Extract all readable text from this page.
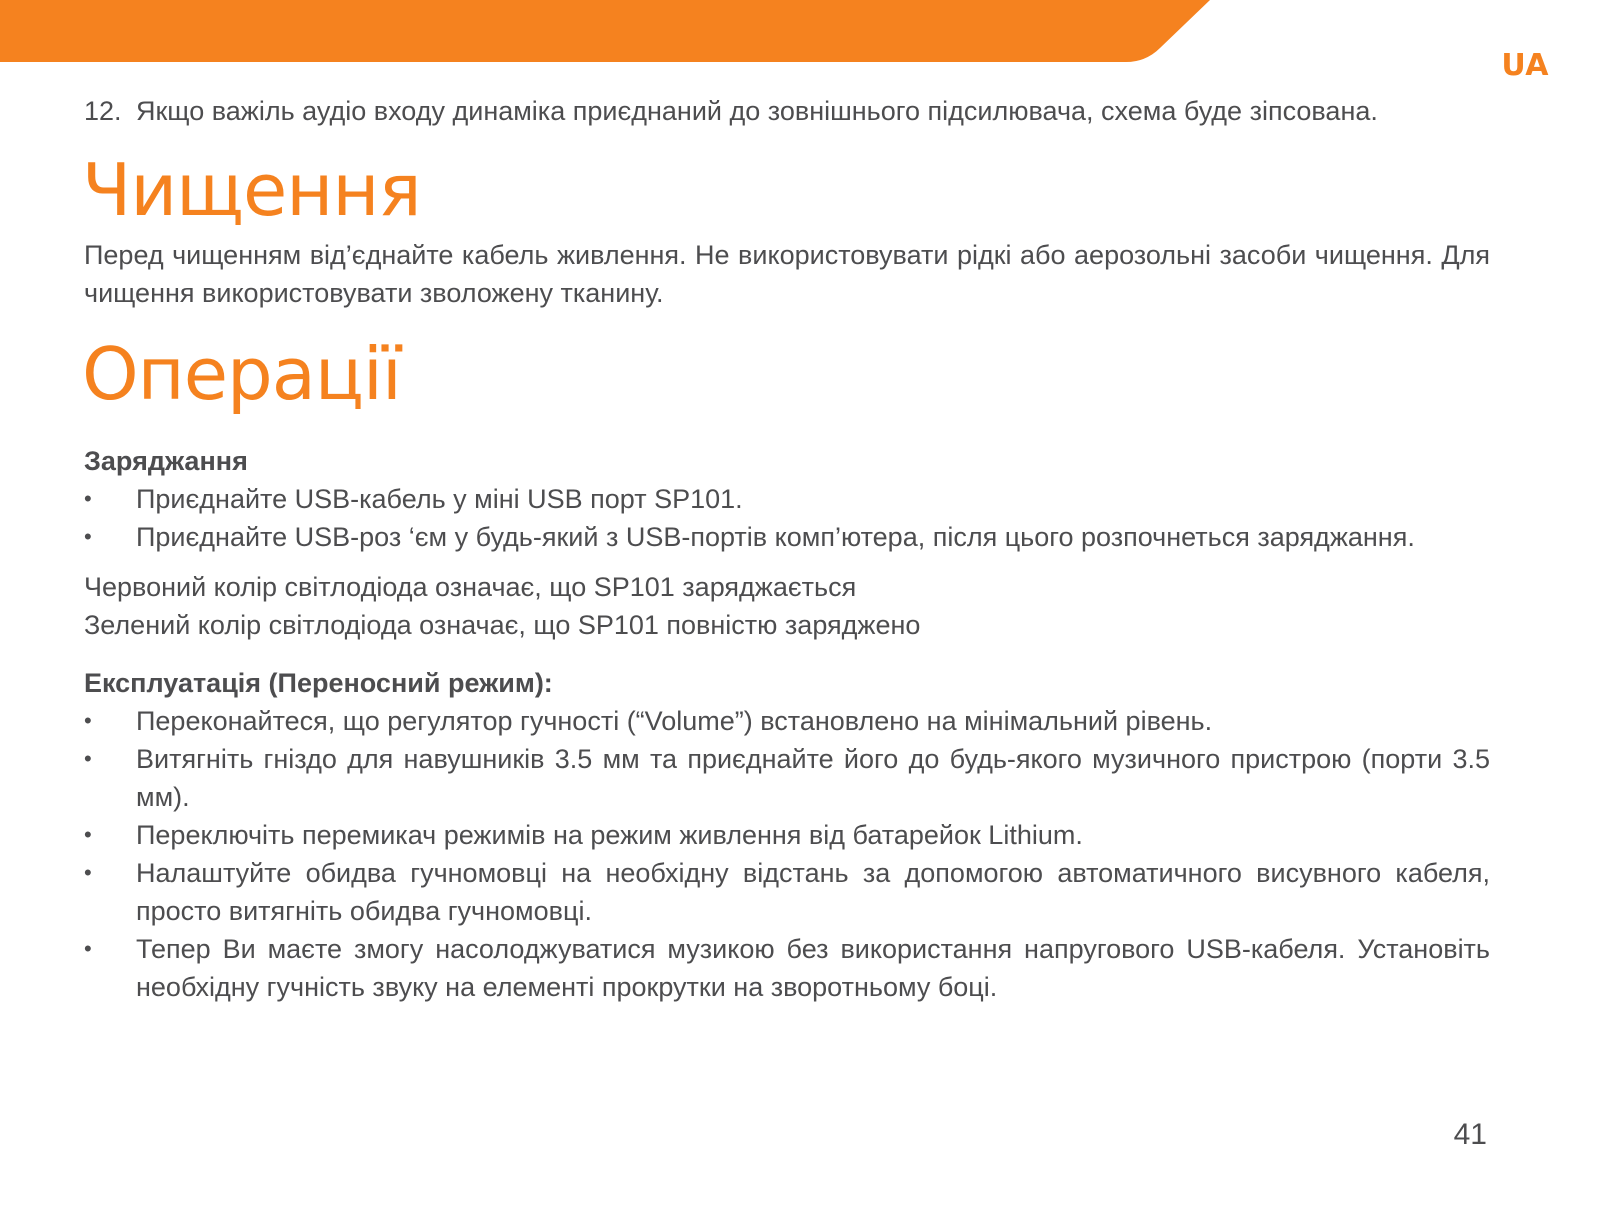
UA
12. Якщо важіль аудіо входу динаміка приєднаний до зовнішнього підсилювача, схема буде зіпсована.
Чищення

Перед чищенням від’єднайте кабель живлення. Не використовувати рідкі або аерозольні засоби чищення. Для чищення використовувати зволожену тканину.

Операції
Заряджання
•	Приєднайте USB-кабель у міні USB порт SP101.
•	Приєднайте USB-роз ‘єм у будь-який з USB-портів комп’ютера, після цього розпочнеться заряджання.

Червоний колір світлодіода означає, що SP101 заряджається

Зелений колір світлодіода означає, що SP101 повністю заряджено

Експлуатація (Переносний режим):
•	Переконайтеся, що регулятор гучності (“Volume”) встановлено на мінімальний рівень.
•	Витягніть гніздо для навушників 3.5 мм та приєднайте його до будь-якого музичного пристрою (порти 3.5 мм).
•	Переключіть перемикач режимів на режим живлення від батарейок Lithium.
•	Налаштуйте обидва гучномовці на необхідну відстань за допомогою автоматичного висувного кабеля, просто витягніть обидва гучномовці.
•	Тепер Ви маєте змогу насолоджуватися музикою без використання напругового USB-кабеля. Установіть необхідну гучність звуку на елементі прокрутки на зворотньому боці.
41
